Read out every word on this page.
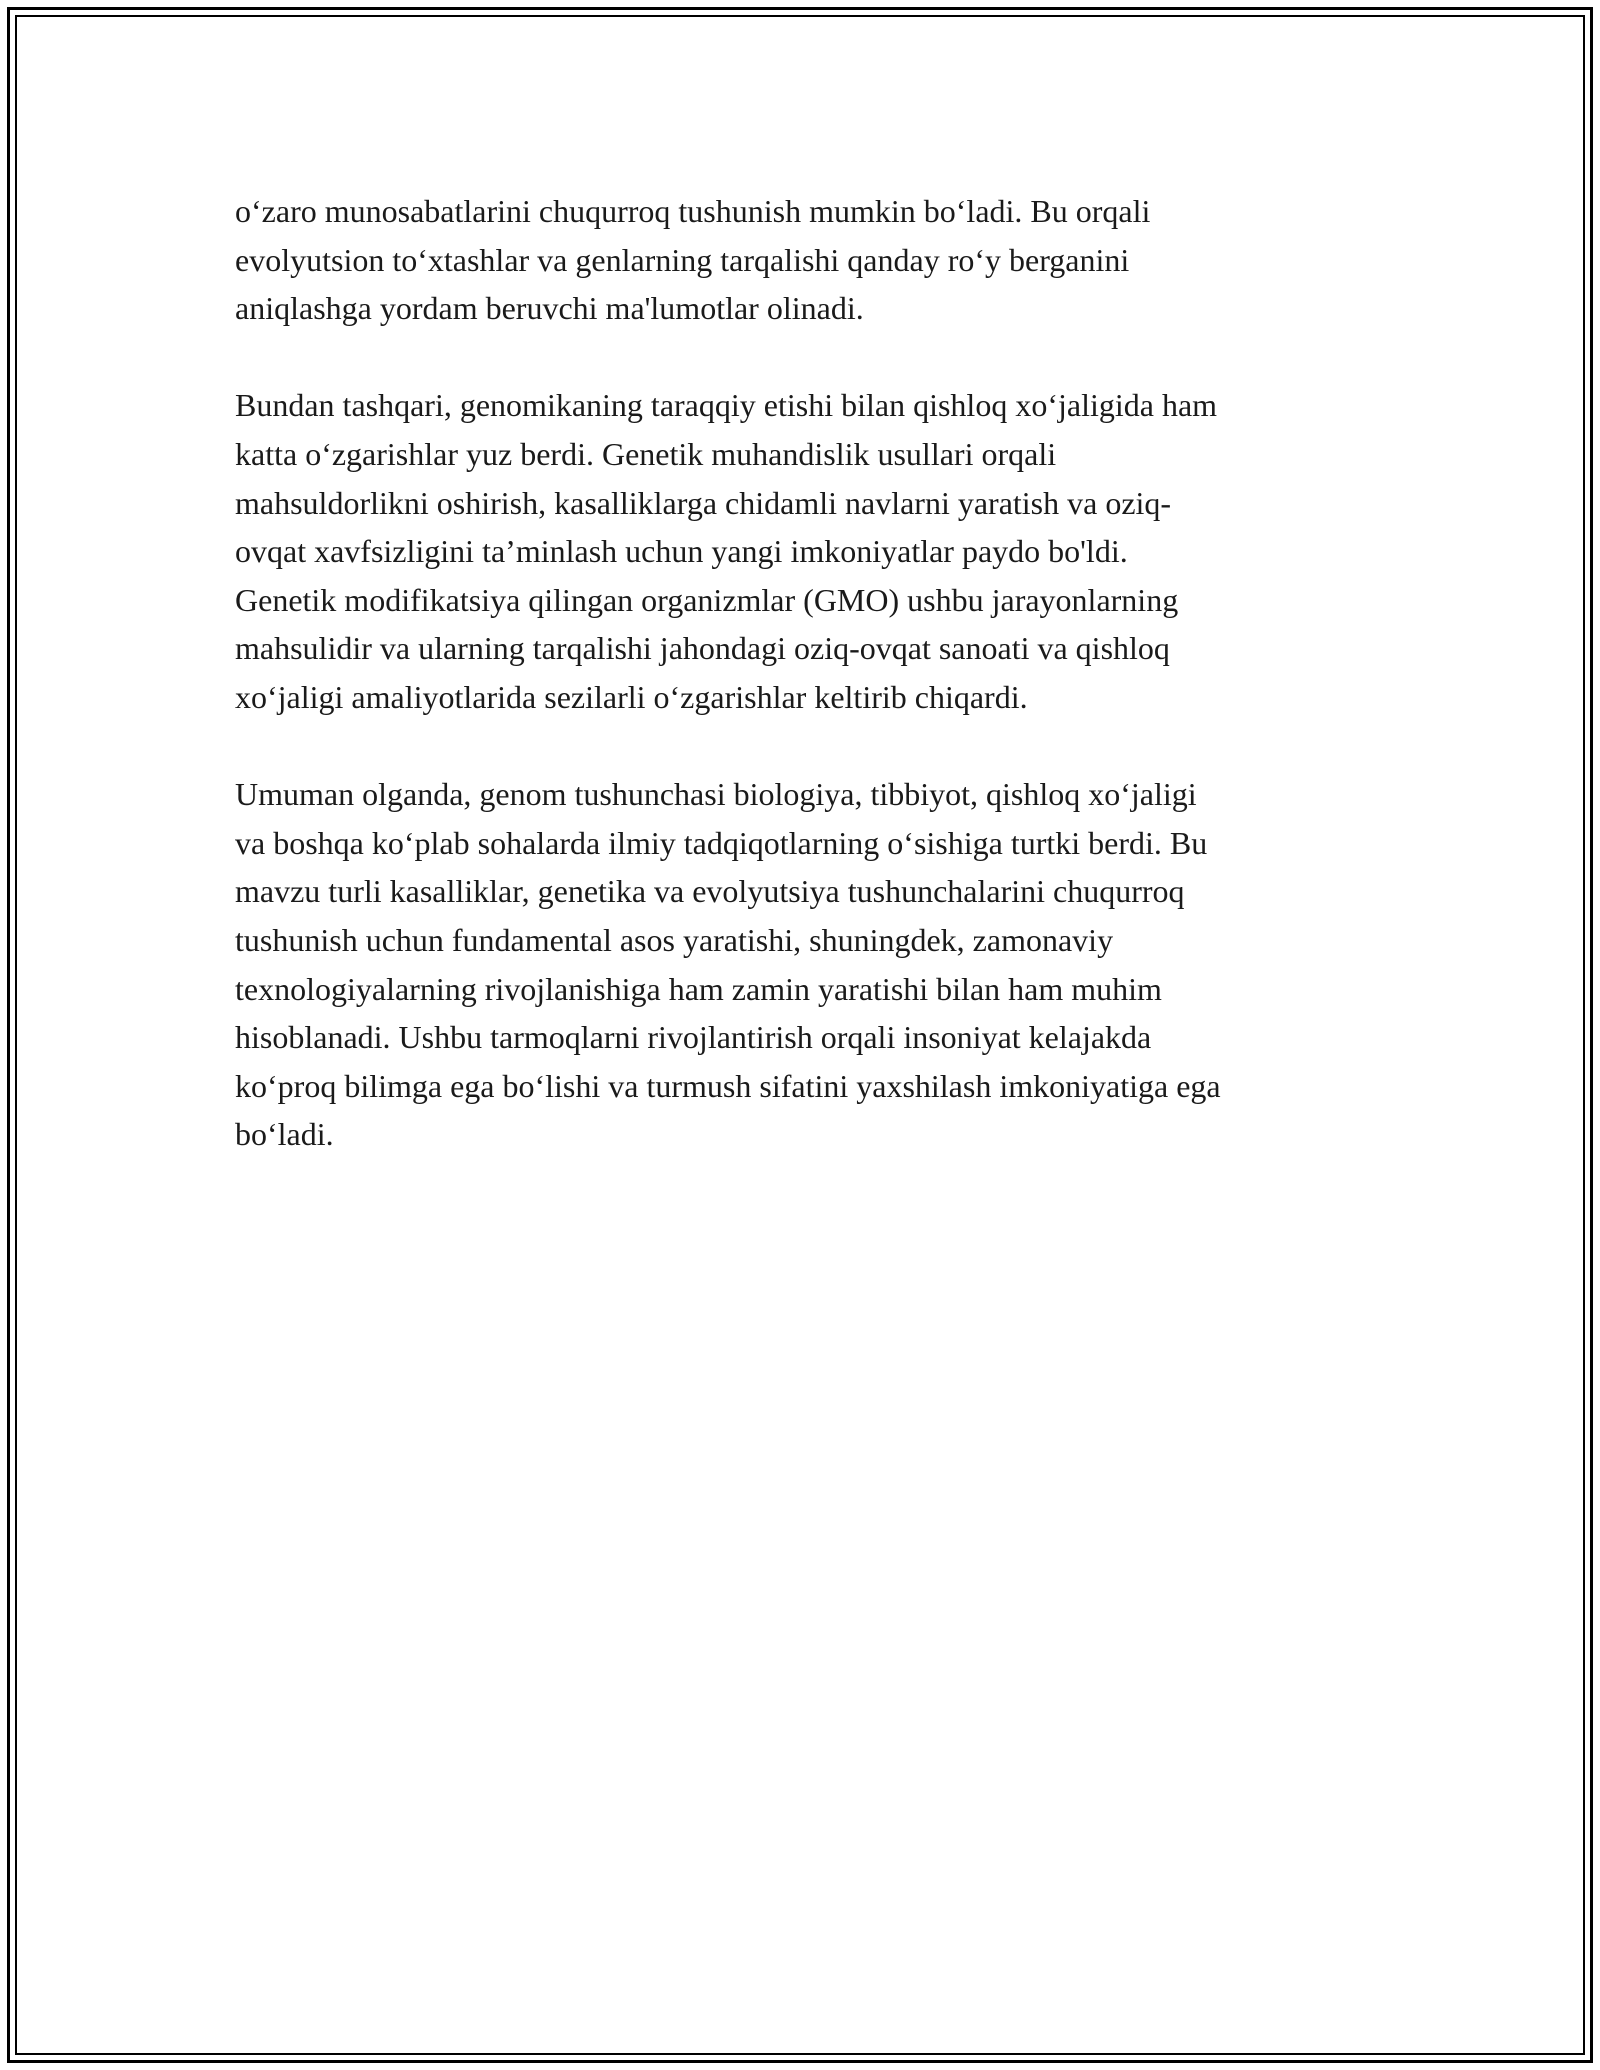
o‘zaro munosabatlarini chuqurroq tushunish mumkin bo‘ladi. Bu orqali
evolyutsion to‘xtashlar va genlarning tarqalishi qanday ro‘y berganini
aniqlashga yordam beruvchi ma'lumotlar olinadi.

Bundan tashqari, genomikaning taraqqiy etishi bilan qishloq xo‘jaligida ham
katta o‘zgarishlar yuz berdi. Genetik muhandislik usullari orqali
mahsuldorlikni oshirish, kasalliklarga chidamli navlarni yaratish va oziq-
ovqat xavfsizligini ta’minlash uchun yangi imkoniyatlar paydo bo'ldi.
Genetik modifikatsiya qilingan organizmlar (GMO) ushbu jarayonlarning
mahsulidir va ularning tarqalishi jahondagi oziq-ovqat sanoati va qishloq
xo‘jaligi amaliyotlarida sezilarli o‘zgarishlar keltirib chiqardi.

Umuman olganda, genom tushunchasi biologiya, tibbiyot, qishloq xo‘jaligi
va boshqa ko‘plab sohalarda ilmiy tadqiqotlarning o‘sishiga turtki berdi. Bu
mavzu turli kasalliklar, genetika va evolyutsiya tushunchalarini chuqurroq
tushunish uchun fundamental asos yaratishi, shuningdek, zamonaviy
texnologiyalarning rivojlanishiga ham zamin yaratishi bilan ham muhim
hisoblanadi. Ushbu tarmoqlarni rivojlantirish orqali insoniyat kelajakda
ko‘proq bilimga ega bo‘lishi va turmush sifatini yaxshilash imkoniyatiga ega
bo‘ladi.
